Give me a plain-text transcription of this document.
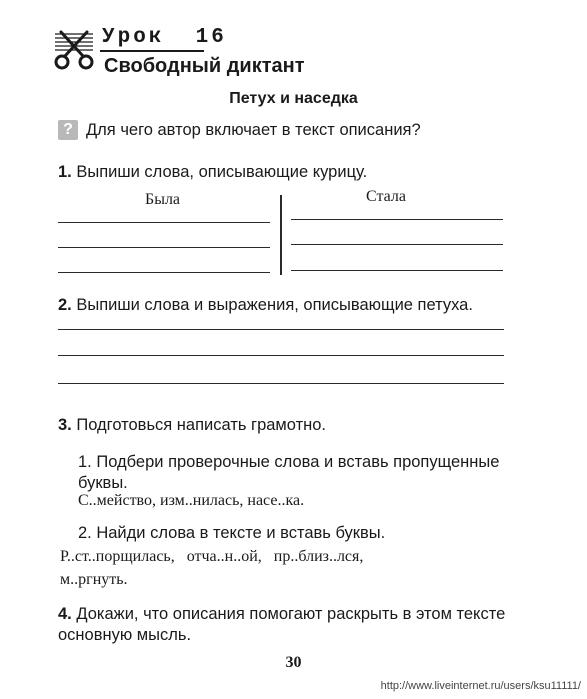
Урок  16
Свободный диктант
Петух и наседка
? Для чего автор включает в текст описания?
1. Выпиши слова, описывающие курицу.
Была	Стала
2. Выпиши слова и выражения, описывающие петуха.
3. Подготовься написать грамотно.
1. Подбери проверочные слова и вставь пропущенные буквы.
С..мейство, изм..нилась, насе..ка.
2. Найди слова в тексте и вставь буквы.
Р..ст..порщилась,   отча..н..ой,   пр..близ..лся,
м..ргнуть.
4. Докажи, что описания помогают раскрыть в этом тексте основную мысль.
30
http://www.liveinternet.ru/users/ksu11111/
